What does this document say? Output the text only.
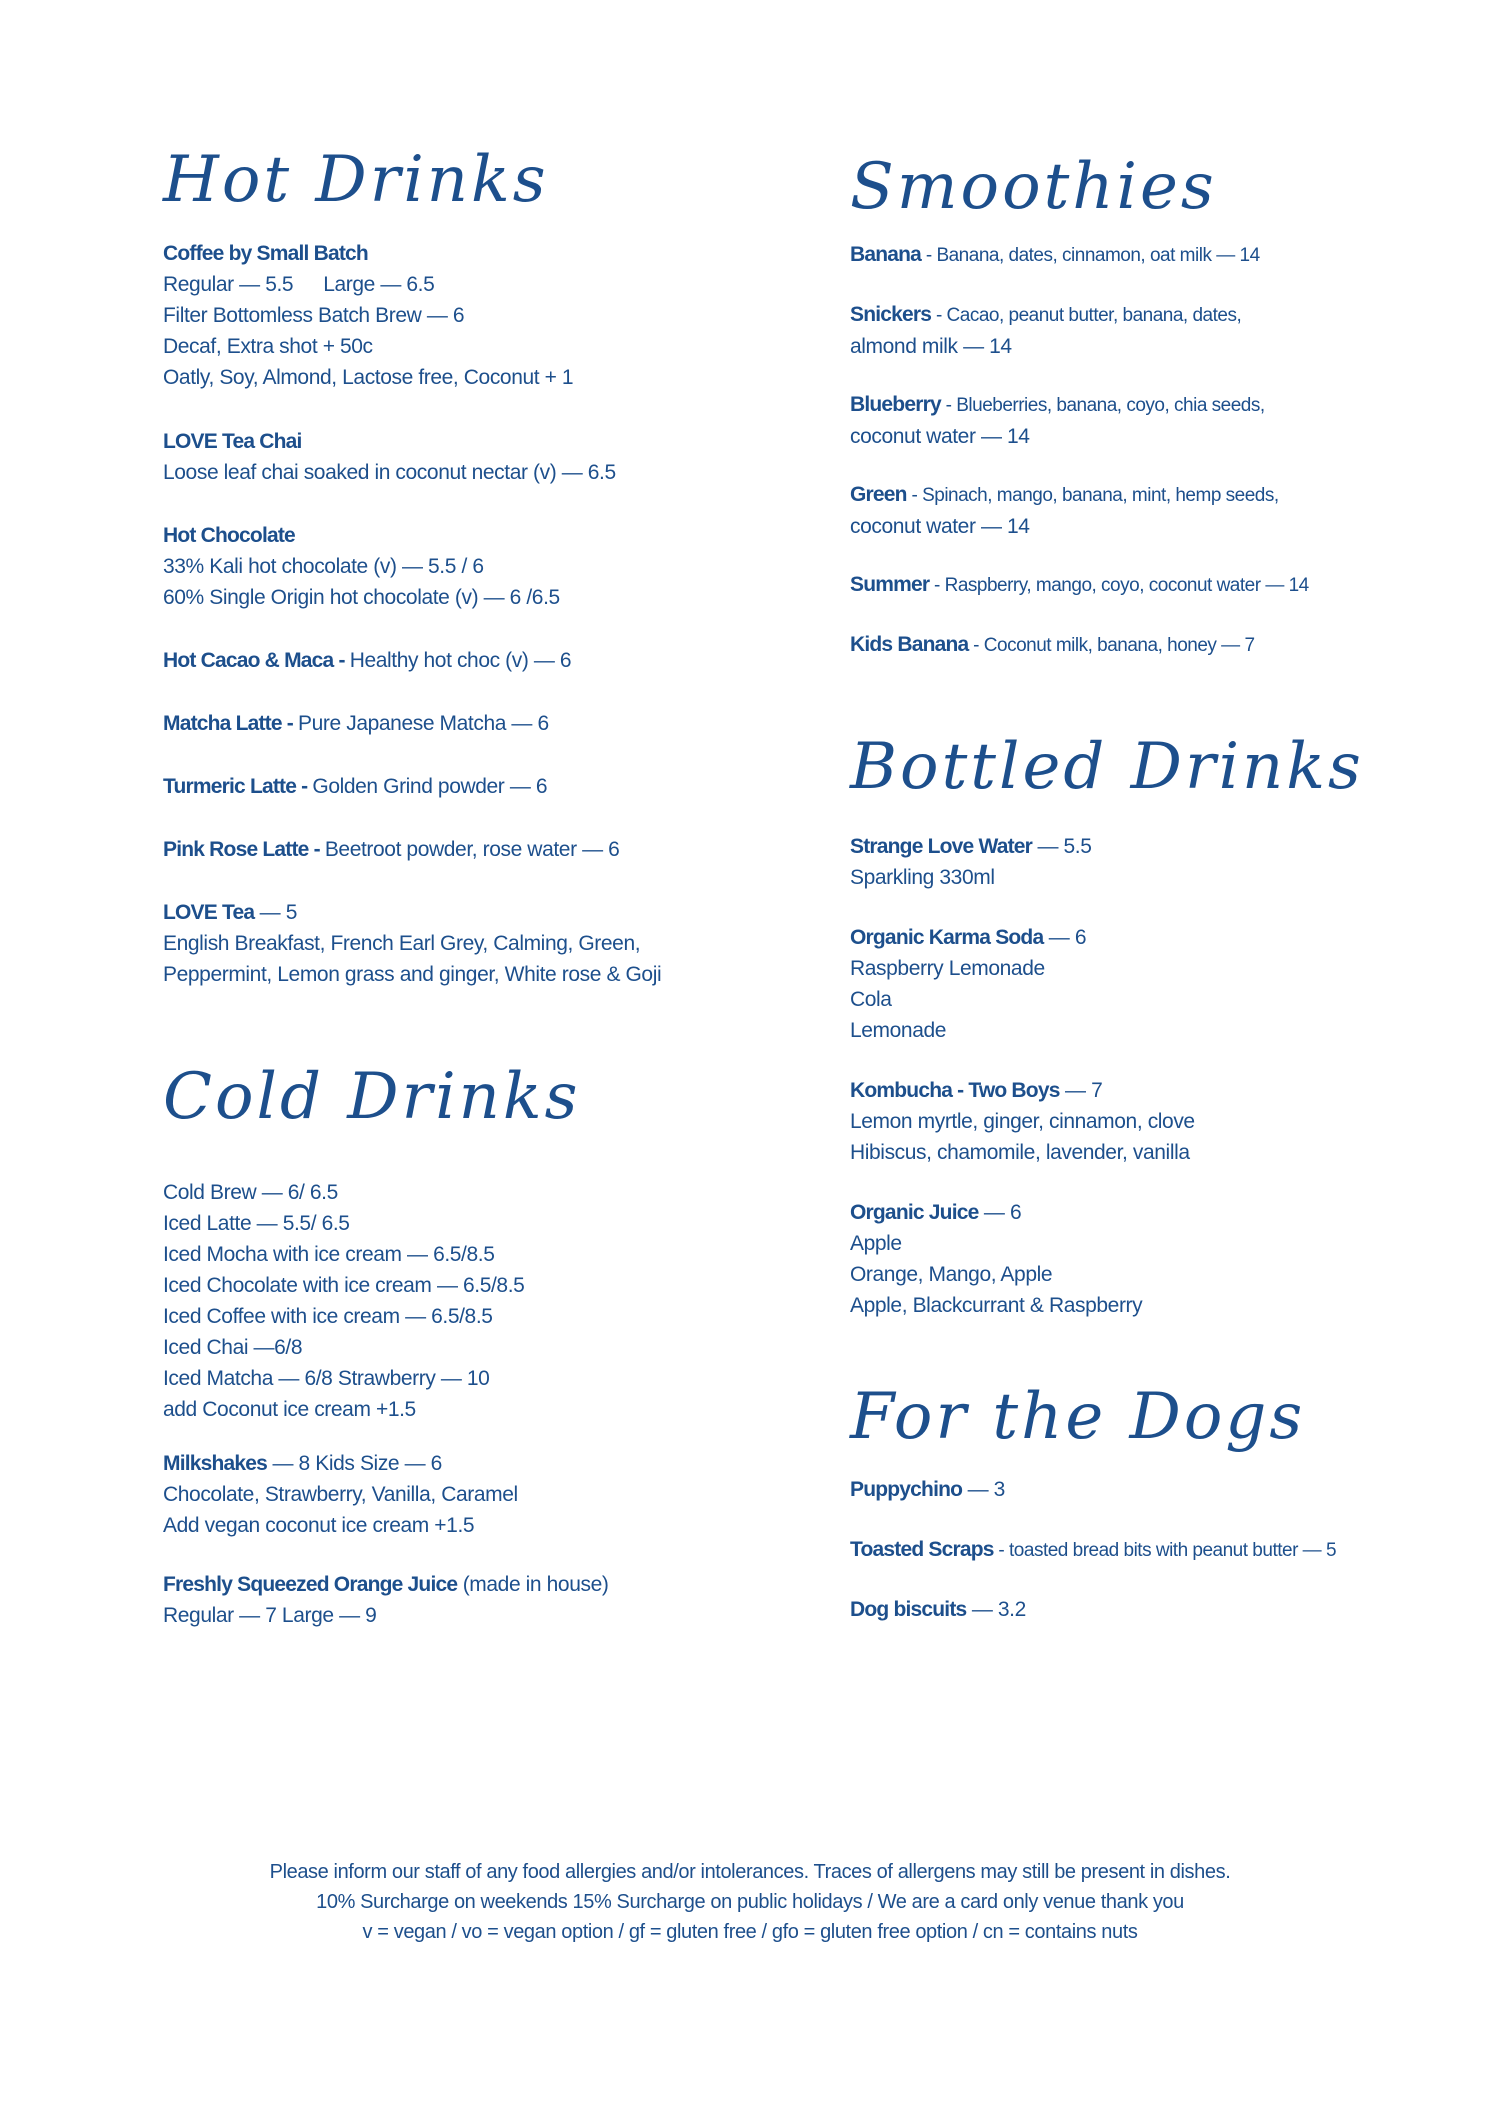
Hot Drinks
Coffee by Small Batch
Regular — 5.5 Large — 6.5
Filter Bottomless Batch Brew — 6
Decaf, Extra shot + 50c
Oatly, Soy, Almond, Lactose free, Coconut + 1
LOVE Tea Chai
Loose leaf chai soaked in coconut nectar (v) — 6.5
Hot Chocolate
33% Kali hot chocolate (v) — 5.5 / 6
60% Single Origin hot chocolate (v) — 6 /6.5
Hot Cacao & Maca - Healthy hot choc (v) — 6
Matcha Latte - Pure Japanese Matcha — 6
Turmeric Latte - Golden Grind powder — 6
Pink Rose Latte - Beetroot powder, rose water — 6
LOVE Tea — 5
English Breakfast, French Earl Grey, Calming, Green,
Peppermint, Lemon grass and ginger, White rose & Goji
Cold Drinks
Cold Brew — 6/ 6.5
Iced Latte — 5.5/ 6.5
Iced Mocha with ice cream — 6.5/8.5
Iced Chocolate with ice cream — 6.5/8.5
Iced Coffee with ice cream — 6.5/8.5
Iced Chai —6/8
Iced Matcha — 6/8 Strawberry — 10
add Coconut ice cream +1.5
Milkshakes — 8 Kids Size — 6
Chocolate, Strawberry, Vanilla, Caramel
Add vegan coconut ice cream +1.5
Freshly Squeezed Orange Juice (made in house)
Regular — 7 Large — 9
Smoothies
Banana - Banana, dates, cinnamon, oat milk — 14
Snickers - Cacao, peanut butter, banana, dates,
almond milk — 14
Blueberry - Blueberries, banana, coyo, chia seeds,
coconut water — 14
Green - Spinach, mango, banana, mint, hemp seeds,
coconut water — 14
Summer - Raspberry, mango, coyo, coconut water — 14
Kids Banana - Coconut milk, banana, honey — 7
Bottled Drinks
Strange Love Water — 5.5
Sparkling 330ml
Organic Karma Soda — 6
Raspberry Lemonade
Cola
Lemonade
Kombucha - Two Boys — 7
Lemon myrtle, ginger, cinnamon, clove
Hibiscus, chamomile, lavender, vanilla
Organic Juice — 6
Apple
Orange, Mango, Apple
Apple, Blackcurrant & Raspberry
For the Dogs
Puppychino — 3
Toasted Scraps - toasted bread bits with peanut butter — 5
Dog biscuits — 3.2
Please inform our staff of any food allergies and/or intolerances. Traces of allergens may still be present in dishes.
10% Surcharge on weekends 15% Surcharge on public holidays / We are a card only venue thank you
v = vegan / vo = vegan option / gf = gluten free / gfo = gluten free option / cn = contains nuts
